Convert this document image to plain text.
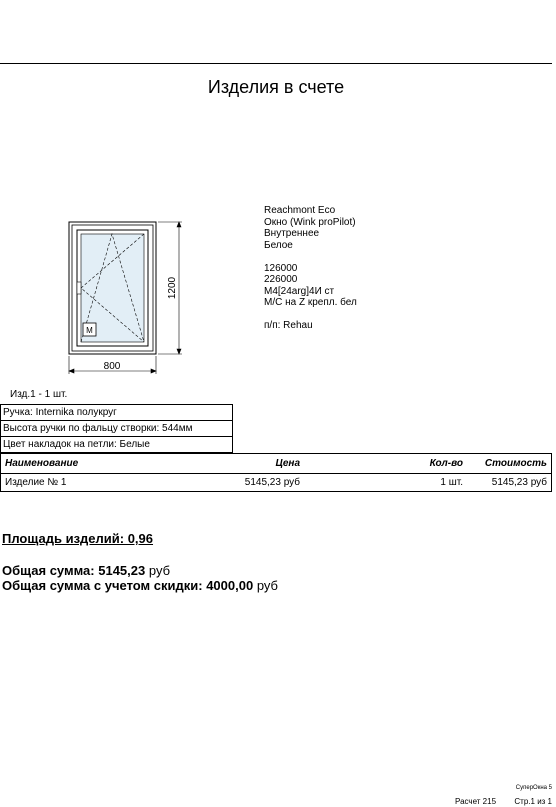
Изделия в счете
M
800
1200
Reachmont Eco
Окно (Wink proPilot)
Внутреннее
Белое
126000
226000
M4[24arg]4И ст
М/С на Z кpепл. бел
п/п: Rehau
Изд.1 - 1 шт.
Ручка: Internika полукруг
Высота ручки по фальцу створки: 544мм
Цвет накладок на петли: Белые
Наименование	Цена	Кол-во	Стоимость
Изделие № 1	5145,23 руб	1 шт.	5145,23 руб
Площадь изделий: 0,96
Общая сумма: 5145,23 руб
Общая сумма с учетом скидки: 4000,00 руб
СуперОкна 5
Расчет 215 Стр.1 из 1
